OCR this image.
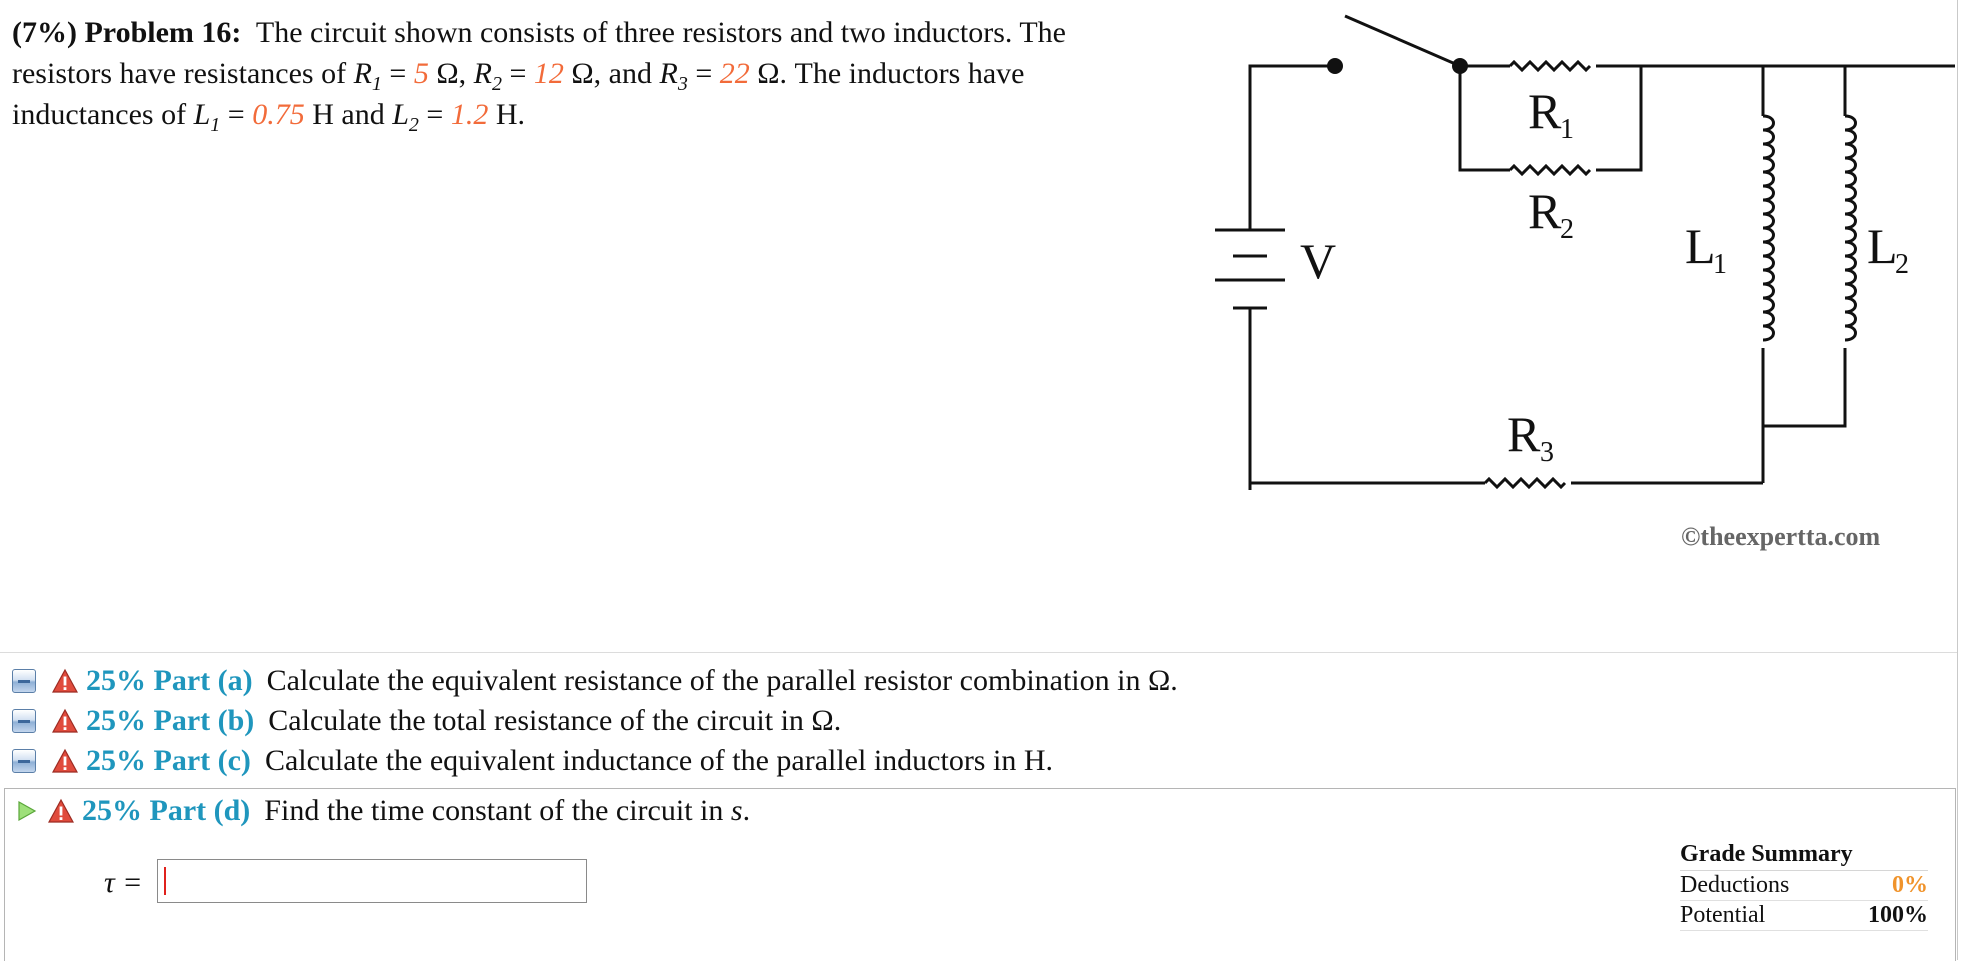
(7%) Problem 16: The circuit shown consists of three resistors and two inductors. The
resistors have resistances of $R_1 = 5$ Ω, $R_2 = 12$ Ω, and $R_3 = 22$ Ω. The inductors have
inductances of $L_1 = 0.75$ H and $L_2 = 1.2$ H.	R
1
R
2
R 3
L
1	L
2
V
©theexpertta.com
25% Part (a) Calculate the equivalent resistance of the parallel resistor combination in Ω.
25% Part (b) Calculate the total resistance of the circuit in Ω.
25% Part (c) Calculate the equivalent inductance of the parallel inductors in H.
25% Part (d) Find the time constant of the circuit in
s .
τ =
Grade Summary
Deductions	0%
Potential	100%
